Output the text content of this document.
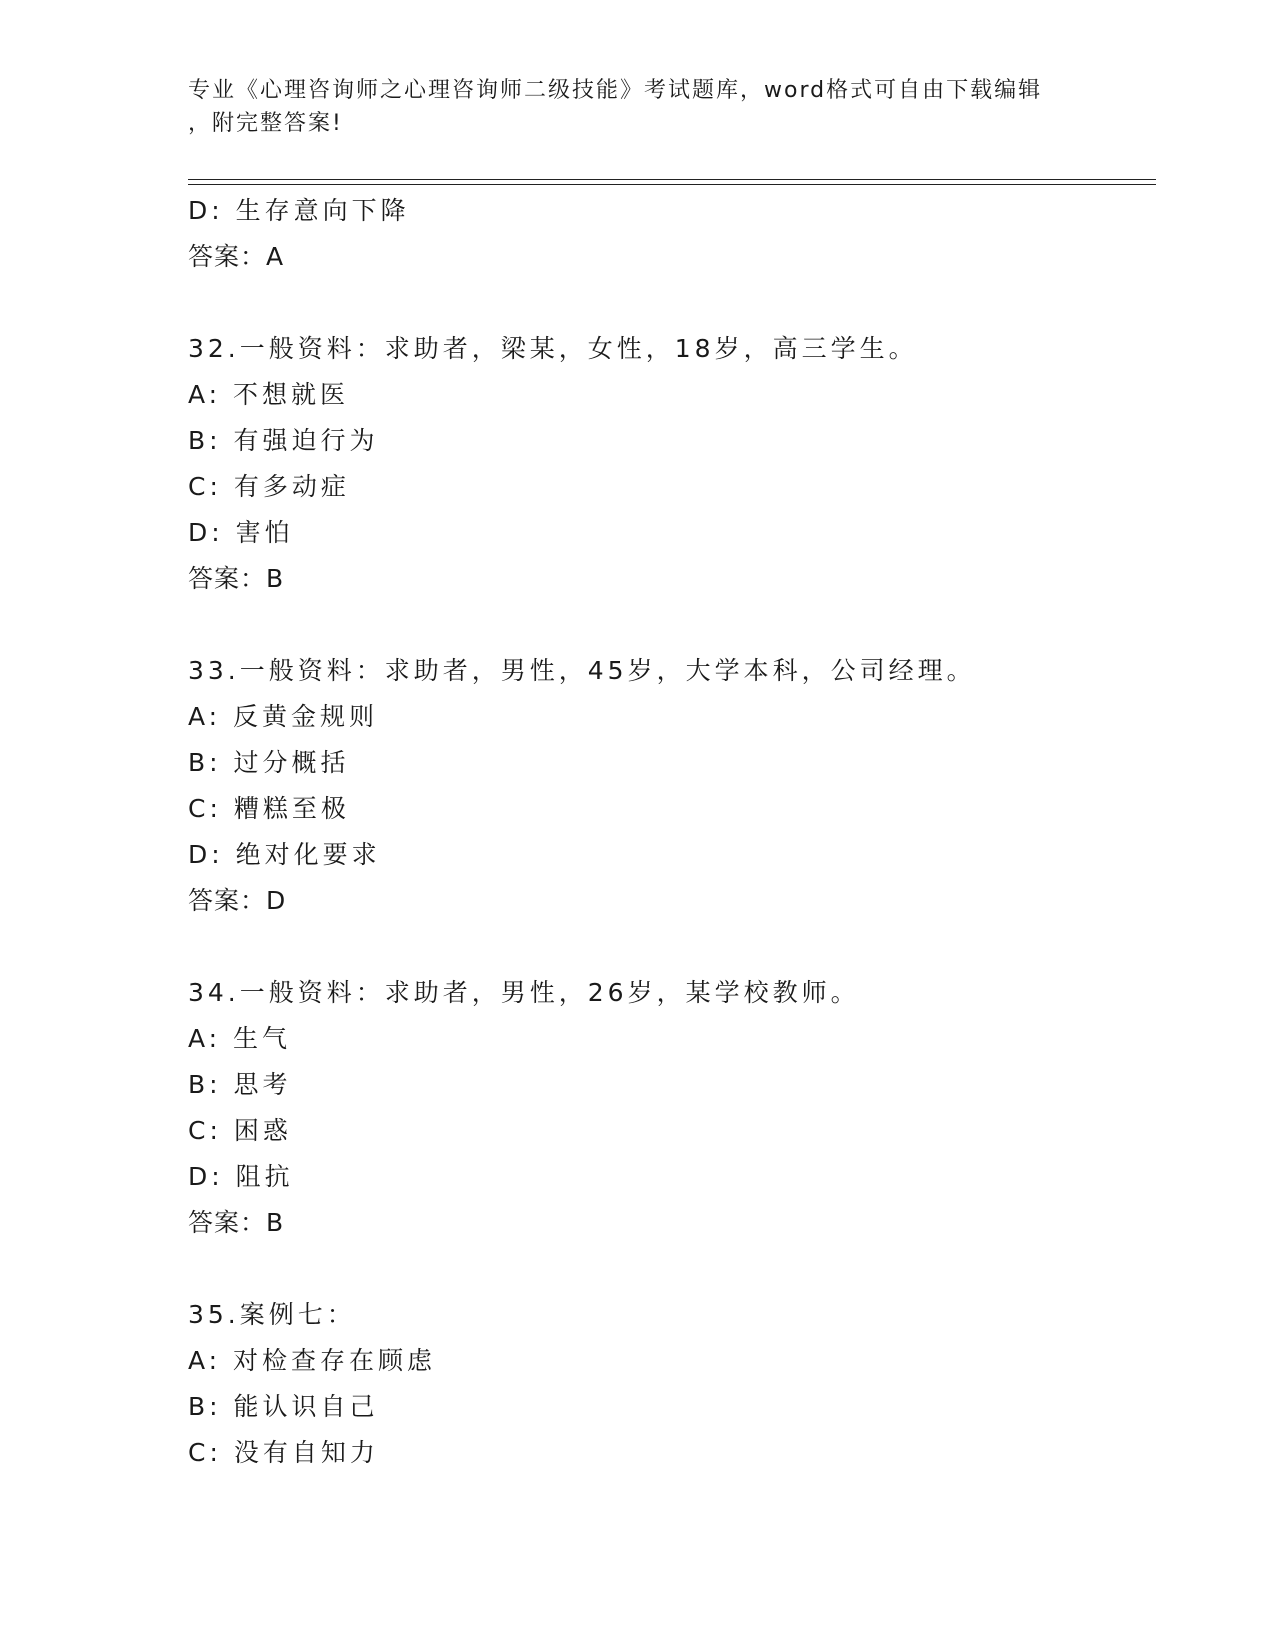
专业《心理咨询师之心理咨询师二级技能》考试题库，word格式可自由下载编辑
，附完整答案!
D: 生存意向下降
答案：A
32.一般资料：求助者，梁某，女性，18岁，高三学生。
A: 不想就医
B: 有强迫行为
C: 有多动症
D: 害怕
答案：B
33.一般资料：求助者，男性，45岁，大学本科，公司经理。
A: 反黄金规则
B: 过分概括
C: 糟糕至极
D: 绝对化要求
答案：D
34.一般资料：求助者，男性，26岁，某学校教师。
A: 生气
B: 思考
C: 困惑
D: 阻抗
答案：B
35.案例七：
A: 对检查存在顾虑
B: 能认识自己
C: 没有自知力
